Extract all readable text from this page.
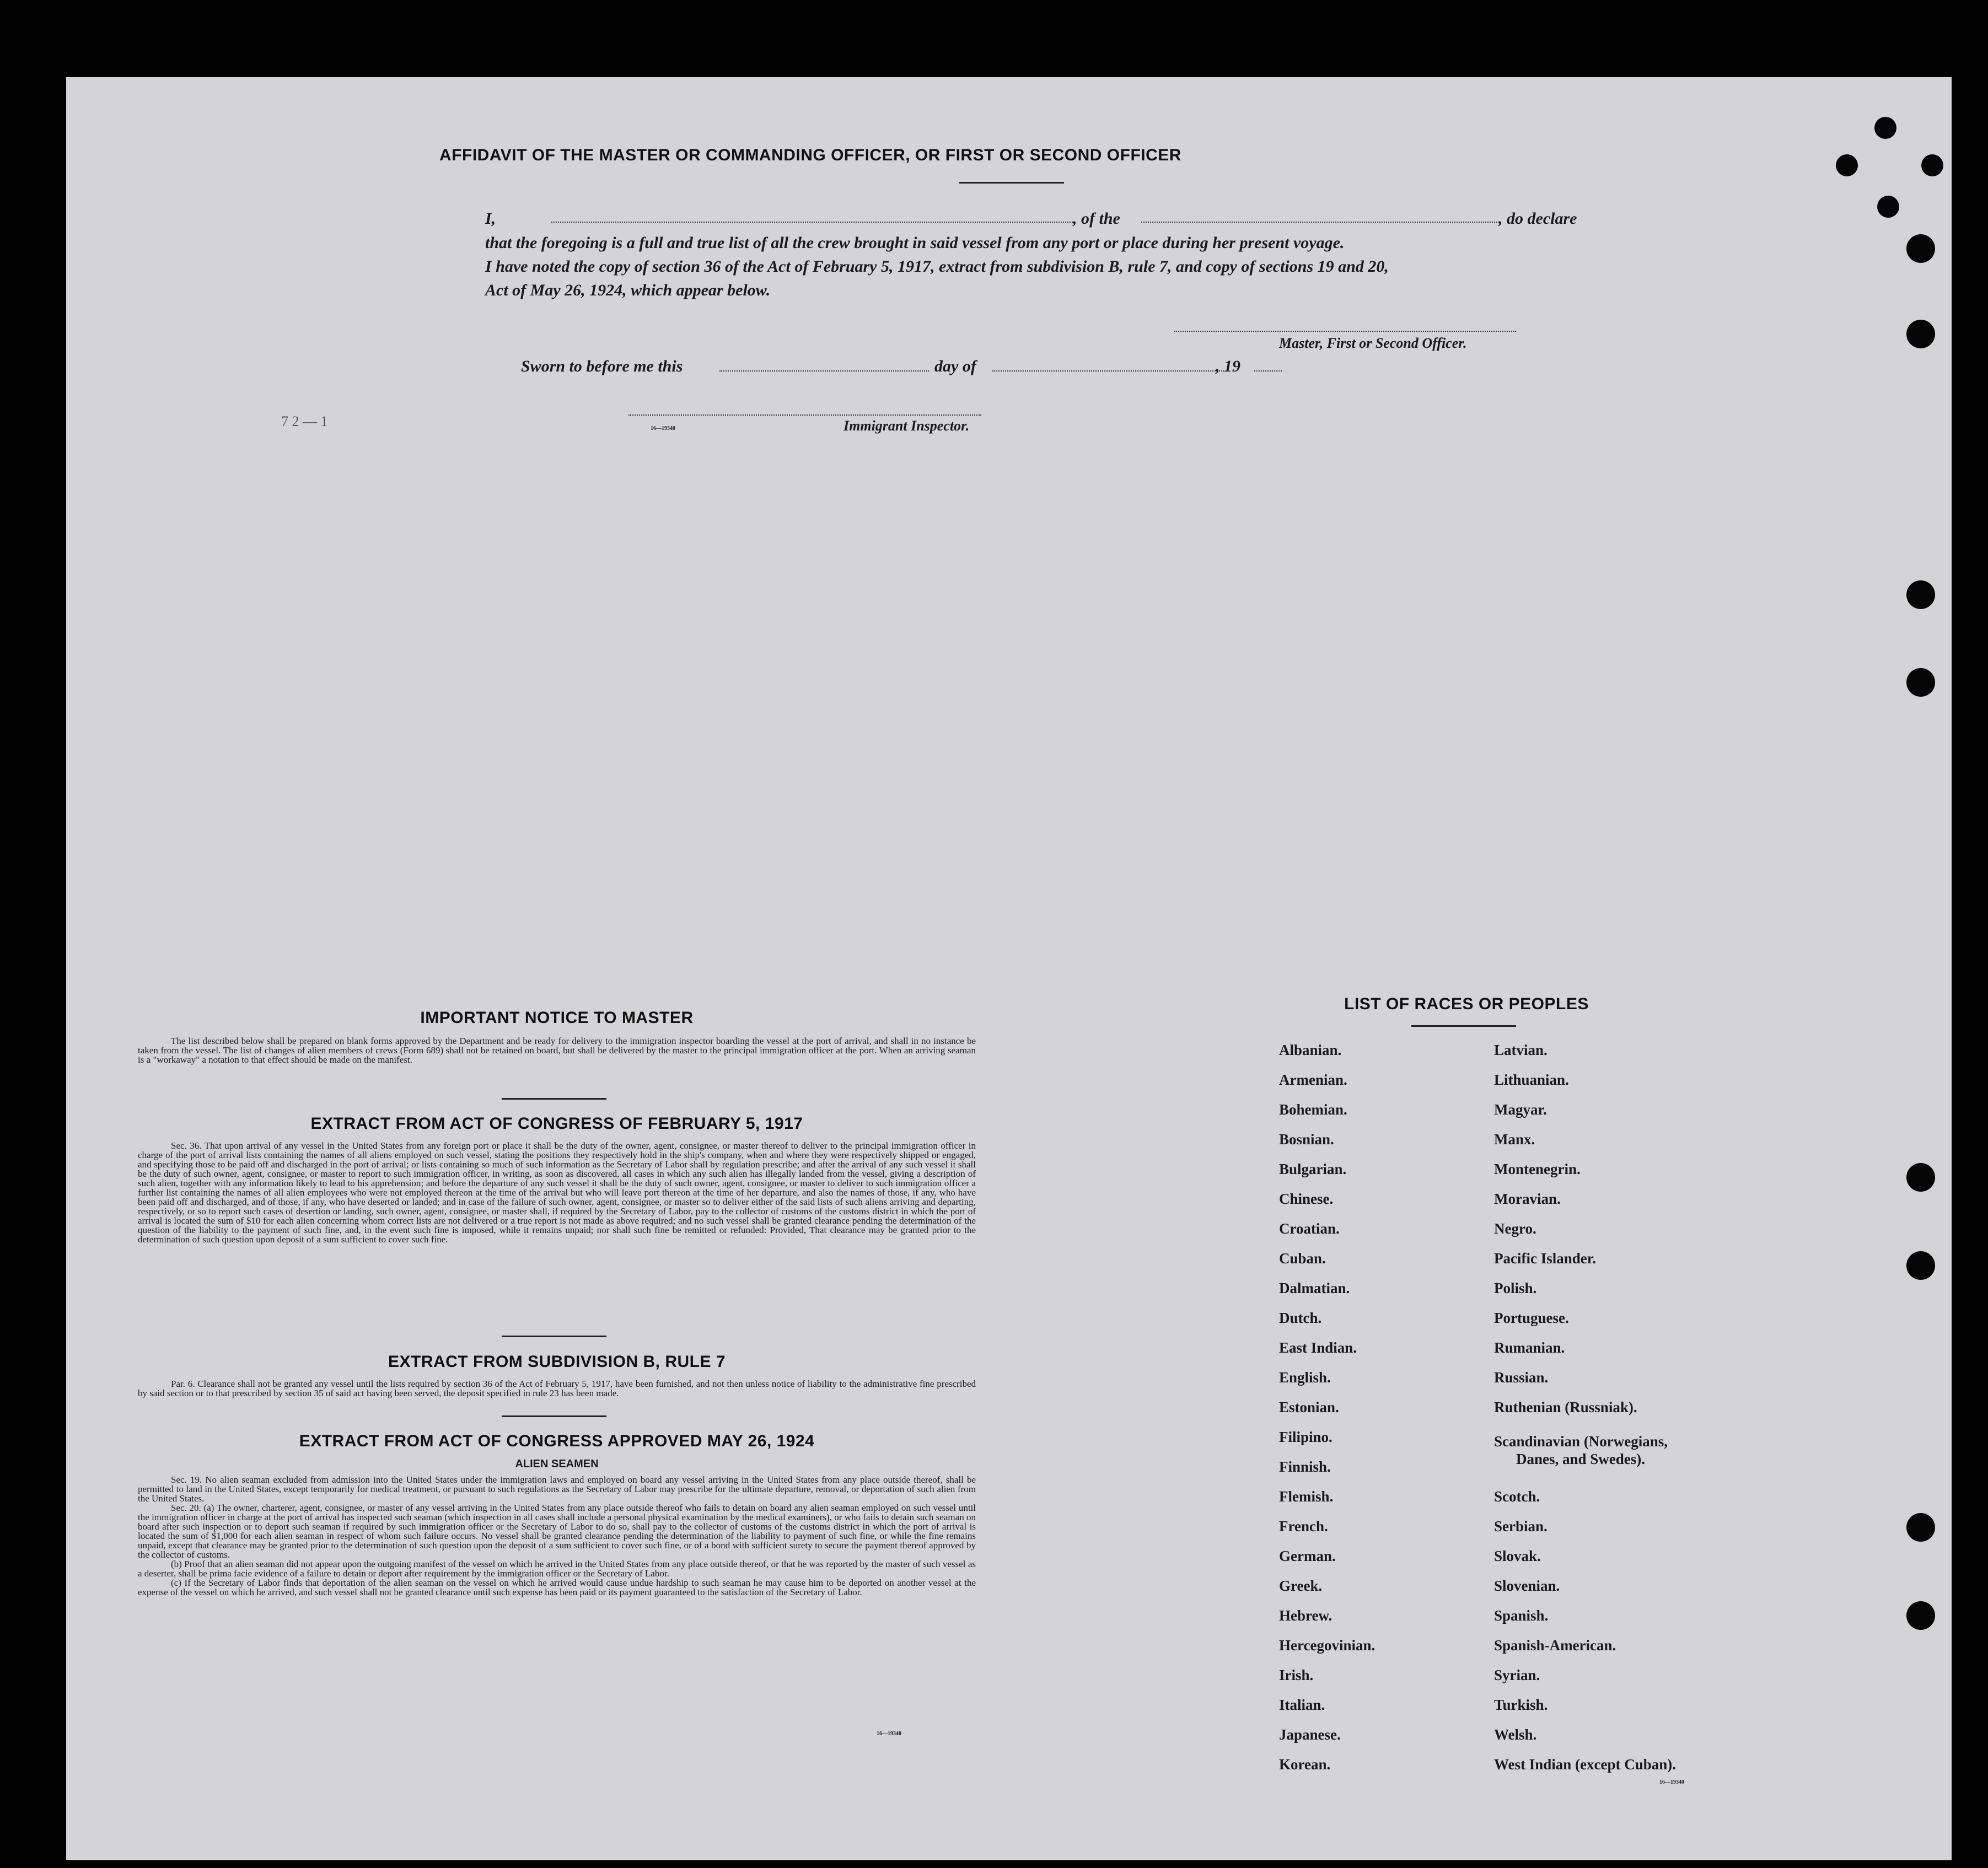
AFFIDAVIT OF THE MASTER OR COMMANDING OFFICER, OR FIRST OR SECOND OFFICER
I,	, of the	, do declare
that the foregoing is a full and true list of all the crew brought in said vessel from any port or place during her present voyage.
I have noted the copy of section 36 of the Act of February 5, 1917, extract from subdivision B, rule 7, and copy of sections 19 and 20,
Act of May 26, 1924, which appear below.
Master, First or Second Officer.
Sworn to before me this	day of	, 19
16—19340	Immigrant Inspector.
7 2 — 1
IMPORTANT NOTICE TO MASTER

The list described below shall be prepared on blank forms approved by the Department and be ready for delivery to the immigration inspector boarding the vessel at the port of arrival, and shall in no instance be taken from the vessel. The list of changes of alien members of crews (Form 689) shall not be retained on board, but shall be delivered by the master to the principal immigration officer at the port. When an arriving seaman is a "workaway" a notation to that effect should be made on the manifest.

EXTRACT FROM ACT OF CONGRESS OF FEBRUARY 5, 1917

Sec. 36. That upon arrival of any vessel in the United States from any foreign port or place it shall be the duty of the owner, agent, consignee, or master thereof to deliver to the principal immigration officer in charge of the port of arrival lists containing the names of all aliens employed on such vessel, stating the positions they respectively hold in the ship's company, when and where they were respectively shipped or engaged, and specifying those to be paid off and discharged in the port of arrival; or lists containing so much of such information as the Secretary of Labor shall by regulation prescribe; and after the arrival of any such vessel it shall be the duty of such owner, agent, consignee, or master to report to such immigration officer, in writing, as soon as discovered, all cases in which any such alien has illegally landed from the vessel, giving a description of such alien, together with any information likely to lead to his apprehension; and before the departure of any such vessel it shall be the duty of such owner, agent, consignee, or master to deliver to such immigration officer a further list containing the names of all alien employees who were not employed thereon at the time of the arrival but who will leave port thereon at the time of her departure, and also the names of those, if any, who have been paid off and discharged, and of those, if any, who have deserted or landed; and in case of the failure of such owner, agent, consignee, or master so to deliver either of the said lists of such aliens arriving and departing, respectively, or so to report such cases of desertion or landing, such owner, agent, consignee, or master shall, if required by the Secretary of Labor, pay to the collector of customs of the customs district in which the port of arrival is located the sum of $10 for each alien concerning whom correct lists are not delivered or a true report is not made as above required; and no such vessel shall be granted clearance pending the determination of the question of the liability to the payment of such fine, and, in the event such fine is imposed, while it remains unpaid; nor shall such fine be remitted or refunded: Provided, That clearance may be granted prior to the determination of such question upon deposit of a sum sufficient to cover such fine.

EXTRACT FROM SUBDIVISION B, RULE 7

Par. 6. Clearance shall not be granted any vessel until the lists required by section 36 of the Act of February 5, 1917, have been furnished, and not then unless notice of liability to the administrative fine prescribed by said section or to that prescribed by section 35 of said act having been served, the deposit specified in rule 23 has been made.

EXTRACT FROM ACT OF CONGRESS APPROVED MAY 26, 1924
ALIEN SEAMEN

Sec. 19. No alien seaman excluded from admission into the United States under the immigration laws and employed on board any vessel arriving in the United States from any place outside thereof, shall be permitted to land in the United States, except temporarily for medical treatment, or pursuant to such regulations as the Secretary of Labor may prescribe for the ultimate departure, removal, or deportation of such alien from the United States.

Sec. 20. (a) The owner, charterer, agent, consignee, or master of any vessel arriving in the United States from any place outside thereof who fails to detain on board any alien seaman employed on such vessel until the immigration officer in charge at the port of arrival has inspected such seaman (which inspection in all cases shall include a personal physical examination by the medical examiners), or who fails to detain such seaman on board after such inspection or to deport such seaman if required by such immigration officer or the Secretary of Labor to do so, shall pay to the collector of customs of the customs district in which the port of arrival is located the sum of $1,000 for each alien seaman in respect of whom such failure occurs. No vessel shall be granted clearance pending the determination of the liability to payment of such fine, or while the fine remains unpaid, except that clearance may be granted prior to the determination of such question upon the deposit of a sum sufficient to cover such fine, or of a bond with sufficient surety to secure the payment thereof approved by the collector of customs.

(b) Proof that an alien seaman did not appear upon the outgoing manifest of the vessel on which he arrived in the United States from any place outside thereof, or that he was reported by the master of such vessel as a deserter, shall be prima facie evidence of a failure to detain or deport after requirement by the immigration officer or the Secretary of Labor.

(c) If the Secretary of Labor finds that deportation of the alien seaman on the vessel on which he arrived would cause undue hardship to such seaman he may cause him to be deported on another vessel at the expense of the vessel on which he arrived, and such vessel shall not be granted clearance until such expense has been paid or its payment guaranteed to the satisfaction of the Secretary of Labor.

16—19340
LIST OF RACES OR PEOPLES
Albanian.
Armenian.
Bohemian.
Bosnian.
Bulgarian.
Chinese.
Croatian.
Cuban.
Dalmatian.
Dutch.
East Indian.
English.
Estonian.
Filipino.
Finnish.
Flemish.
French.
German.
Greek.
Hebrew.
Hercegovinian.
Irish.
Italian.
Japanese.
Korean.
Latvian.
Lithuanian.
Magyar.
Manx.
Montenegrin.
Moravian.
Negro.
Pacific Islander.
Polish.
Portuguese.
Rumanian.
Russian.
Ruthenian (Russniak).
Scandinavian (Norwegians,
Danes, and Swedes).
Scotch.
Serbian.
Slovak.
Slovenian.
Spanish.
Spanish-American.
Syrian.
Turkish.
Welsh.
West Indian (except Cuban).
16—19340
